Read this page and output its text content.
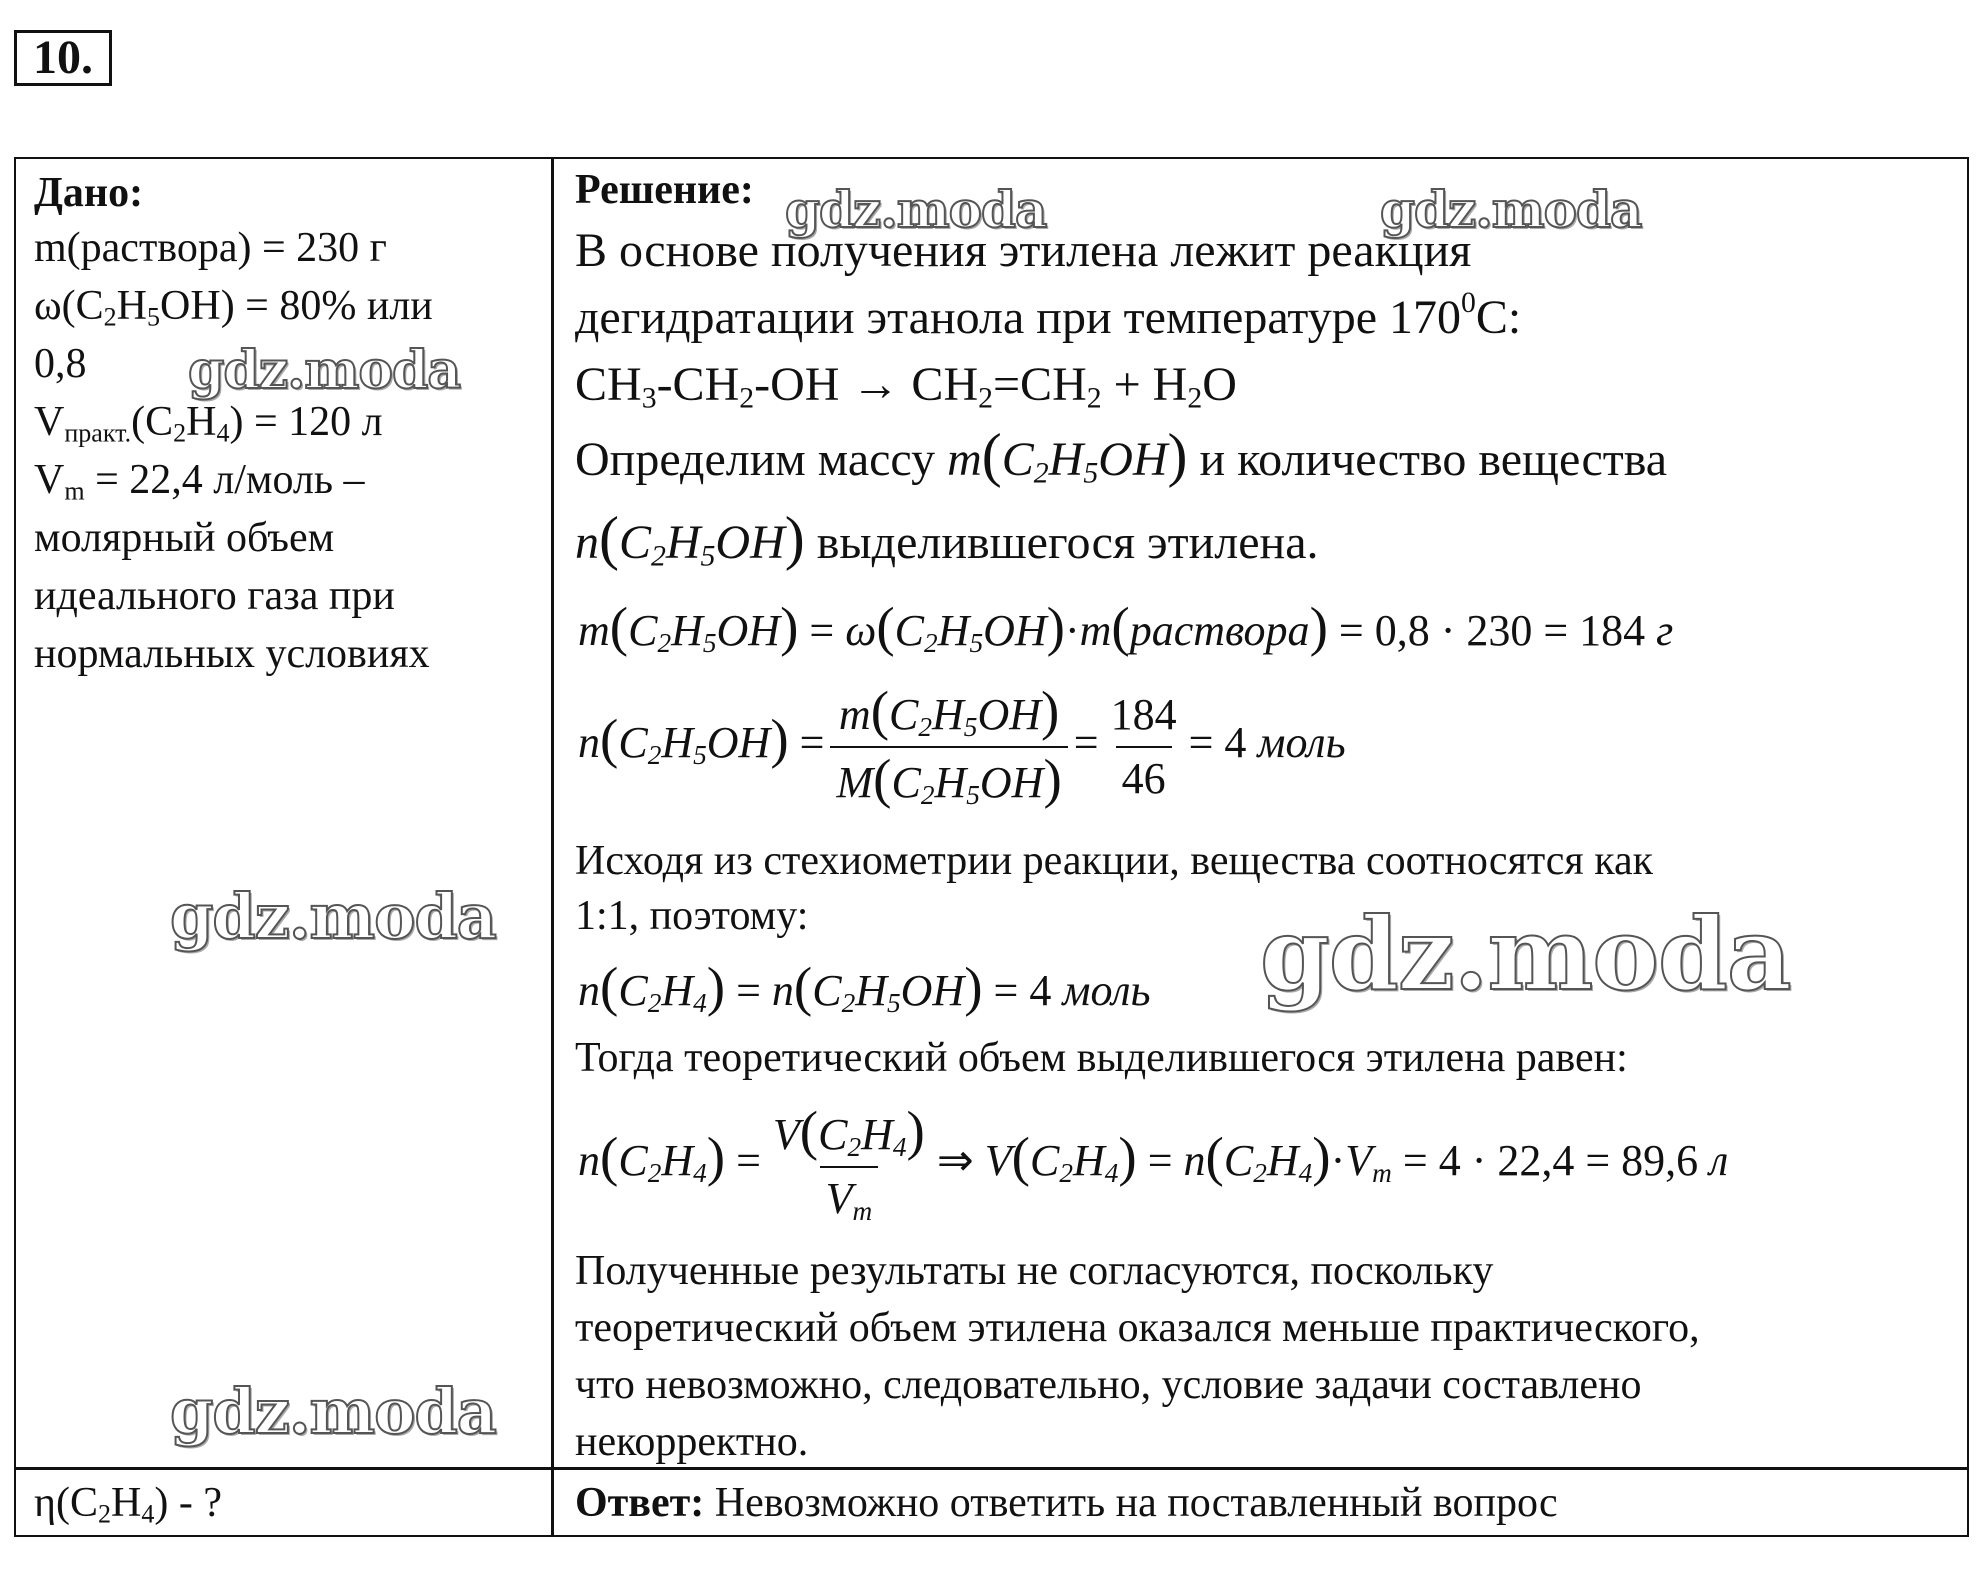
10.
Дано:
m(раствора) = 230 г
$\omega(C_2H_5OH) = 80\%$ или
0,8
$V_{практ.}(C_2H_4) = 120$ л
$V_m = 22,4$ л/моль –
молярный объем
идеального газа при
нормальных условиях
$\eta(C_2H_4)$ - ?
Решение:
В основе получения этилена лежит реакция
дегидратации этанола при температуре $170^0С$:
$CH_3-CH_2-OH \to CH_2=CH_2 + H_2O$
Определим массу $m(C_2H_5OH)$ и количество вещества
$n(C_2H_5OH)$ выделившегося этилена.
$m(C_2H_5OH)$ = $\omega(C_2H_5OH)\cdot m(раствора) = 0,8 \cdot 230 = 184$ г
$n(C_2H_5OH) = \frac{m(C_2H_5OH)}{M(C_2H_5OH)} = \frac{184}{46} = 4$ моль
Исходя из стехиометрии реакции, вещества соотносятся как
1:1, поэтому:
$n(C_2H_4) = n(C_2H_5OH) = 4$ моль
Тогда теоретический объем выделившегося этилена равен:
$n(C_2H_4) = \frac{V(C_2H_4)}{V_m}$ ⇒ $V(C_2H_4) = n(C_2H_4)\cdot V_m = 4 \cdot 22,4 = 89,6$ л
Полученные результаты не согласуются, поскольку
теоретический объем этилена оказался меньше практического,
что невозможно, следовательно, условие задачи составлено
некорректно.
Ответ: Невозможно ответить на поставленный вопрос
gdz.moda	gdz.moda
gdz.moda
gdz.moda	gdz.moda
gdz.moda
